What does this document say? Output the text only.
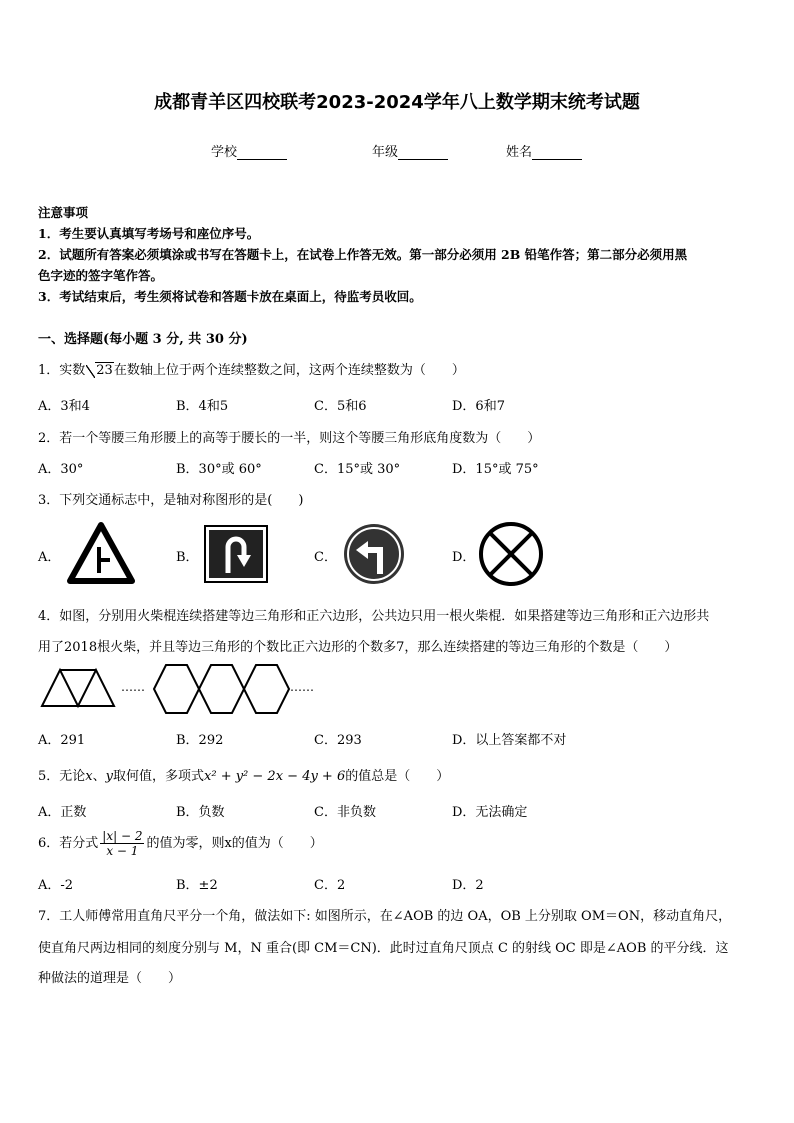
成都青羊区四校联考2023-2024学年八上数学期末统考试题
学校	年级	姓名
注意事项
1．考生要认真填写考场号和座位序号。
2．试题所有答案必须填涂或书写在答题卡上，在试卷上作答无效。第一部分必须用 2B 铅笔作答；第二部分必须用黑
色字迹的签字笔作答。
3．考试结束后，考生须将试卷和答题卡放在桌面上，待监考员收回。
一、选择题(每小题 3 分, 共 30 分)
1．实数 23在数轴上位于两个连续整数之间，这两个连续整数为（　　）
A．3和4	B．4和5	C．5和6	D．6和7
2．若一个等腰三角形腰上的高等于腰长的一半，则这个等腰三角形底角度数为（　　）
A．30°	B．30°或 60°	C．15°或 30°	D．15°或 75°
3．下列交通标志中，是轴对称图形的是(　　)
A．	B．	C．	D．
4．如图，分别用火柴棍连续搭建等边三角形和正六边形，公共边只用一根火柴棍．如果搭建等边三角形和正六边形共
用了2018根火柴，并且等边三角形的个数比正六边形的个数多7，那么连续搭建的等边三角形的个数是（　　）
……	……
A．291	B．292	C．293	D．以上答案都不对
5．无论x、y取何值，多项式x² + y² − 2x − 4y + 6的值总是（　　）
A．正数	B．负数	C．非负数	D．无法确定
6．若分式 $\frac{|x| - 2}{x - 1}$ 的值为零，则x的值为（　　）
A．-2	B．±2	C．2	D．2
7．工人师傅常用直角尺平分一个角，做法如下: 如图所示，在∠AOB 的边 OA，OB 上分别取 OM＝ON，移动直角尺，
使直角尺两边相同的刻度分别与 M，N 重合(即 CM＝CN)．此时过直角尺顶点 C 的射线 OC 即是∠AOB 的平分线．这
种做法的道理是（　　）
